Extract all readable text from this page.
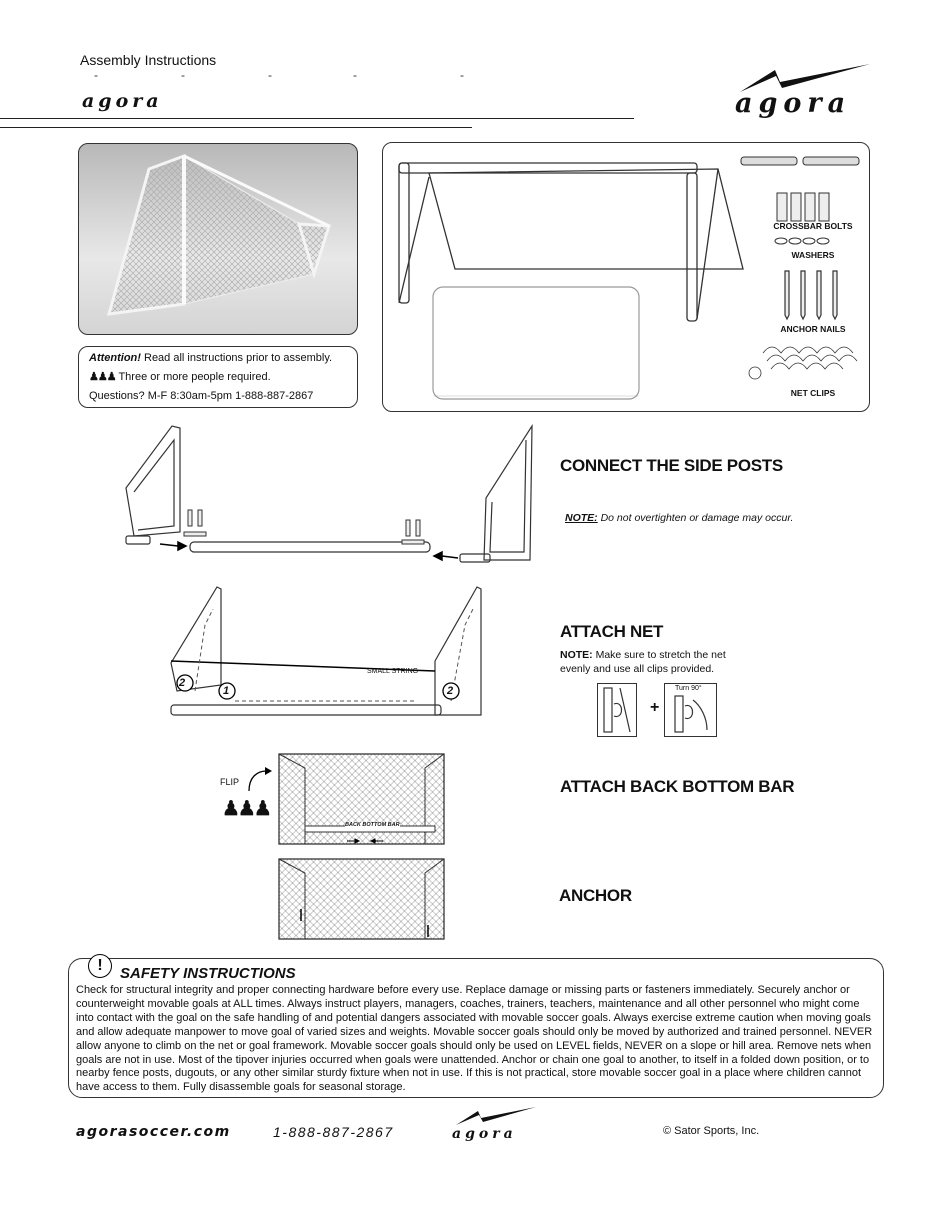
Assembly Instructions
-	-	-	-	-
agora	agora
Attention! Read all instructions prior to assembly.
♟♟♟ Three or more people required.
Questions? M-F 8:30am-5pm 1-888-887-2867
CROSSBAR BOLTS
WASHERS
ANCHOR NAILS
NET CLIPS
CONNECT THE SIDE POSTS
NOTE: Do not overtighten or damage may occur.
2
1	2
SMALL STRING
ATTACH NET
NOTE: Make sure to stretch the net
evenly and use all clips provided.
+
Turn 90°
FLIP
♟♟♟
BACK BOTTOM BAR
ATTACH BACK BOTTOM BAR
ANCHOR
!	SAFETY INSTRUCTIONS
Check for structural integrity and proper connecting hardware before every use. Replace damage or missing parts or fasteners immediately. Securely anchor or counterweight movable goals at ALL times. Always instruct players, managers, coaches, trainers, teachers, maintenance and all other personnel who might come into contact with the goal on the safe handling of and potential dangers associated with movable soccer goals. Always exercise extreme caution when moving goals and allow adequate manpower to move goal of varied sizes and weights. Movable soccer goals should only be moved by authorized and trained personnel. NEVER allow anyone to climb on the net or goal framework. Movable soccer goals should only be used on LEVEL fields, NEVER on a slope or hill area. Remove nets when goals are not in use. Most of the tipover injuries occurred when goals were unattended. Anchor or chain one goal to another, to itself in a folded down position, or to nearby fence posts, dugouts, or any other similar sturdy fixture when not in use. If this is not practical, store movable soccer goal in a place where children cannot have access to them. Fully disassemble goals for seasonal storage.
agorasoccer.com	1-888-887-2867	agora	© Sator Sports, Inc.
